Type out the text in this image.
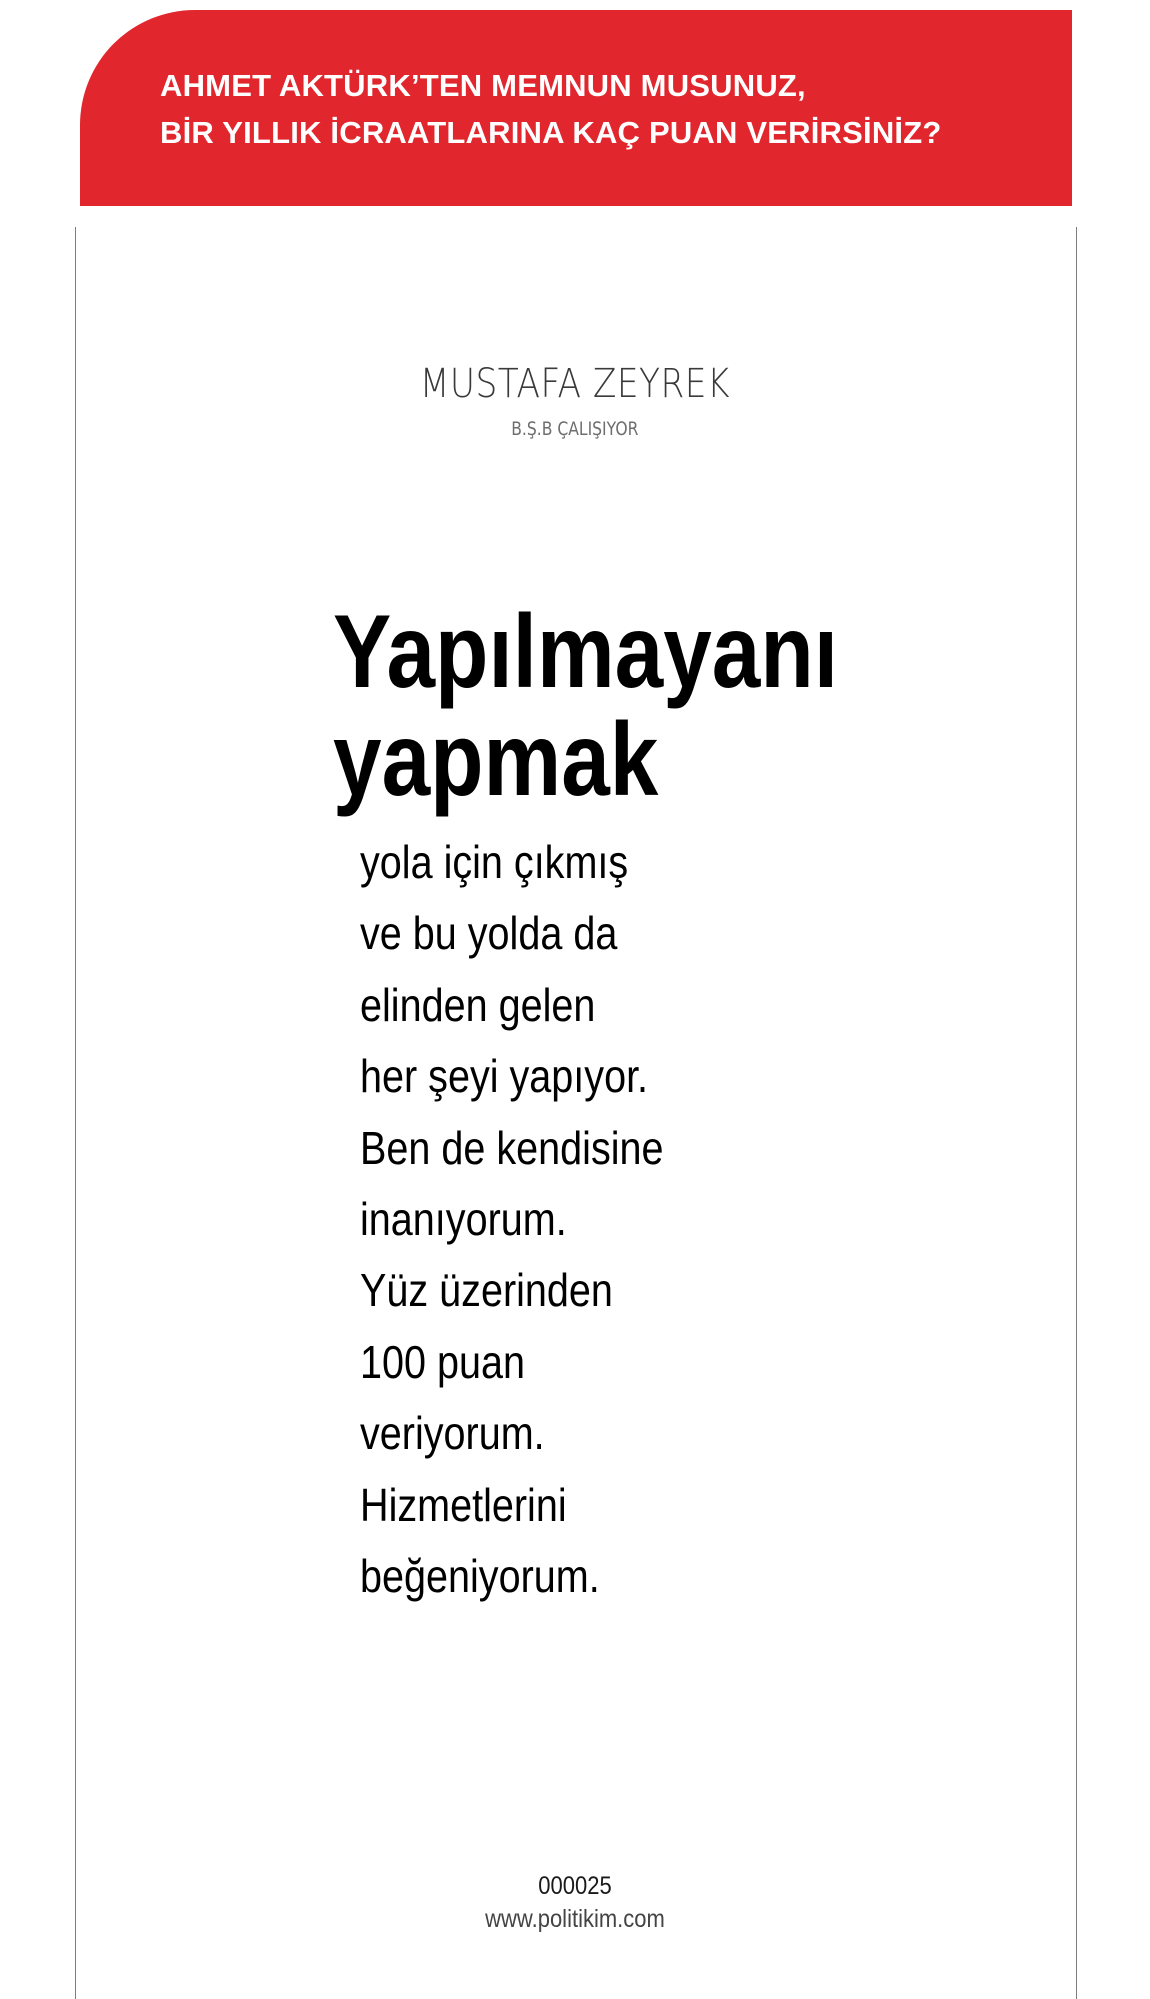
AHMET AKTÜRK’TEN MEMNUN MUSUNUZ,

BİR YILLIK İCRAATLARINA KAÇ PUAN VERİRSİNİZ?

MUSTAFA ZEYREK
B.Ş.B ÇALIŞIYOR
Yapılmayanı
yapmak
yola için çıkmış
ve bu yolda da
elinden gelen
her şeyi yapıyor.
Ben de kendisine
inanıyorum.
Yüz üzerinden
100 puan
veriyorum.
Hizmetlerini
beğeniyorum.
000025
www.politikim.com
